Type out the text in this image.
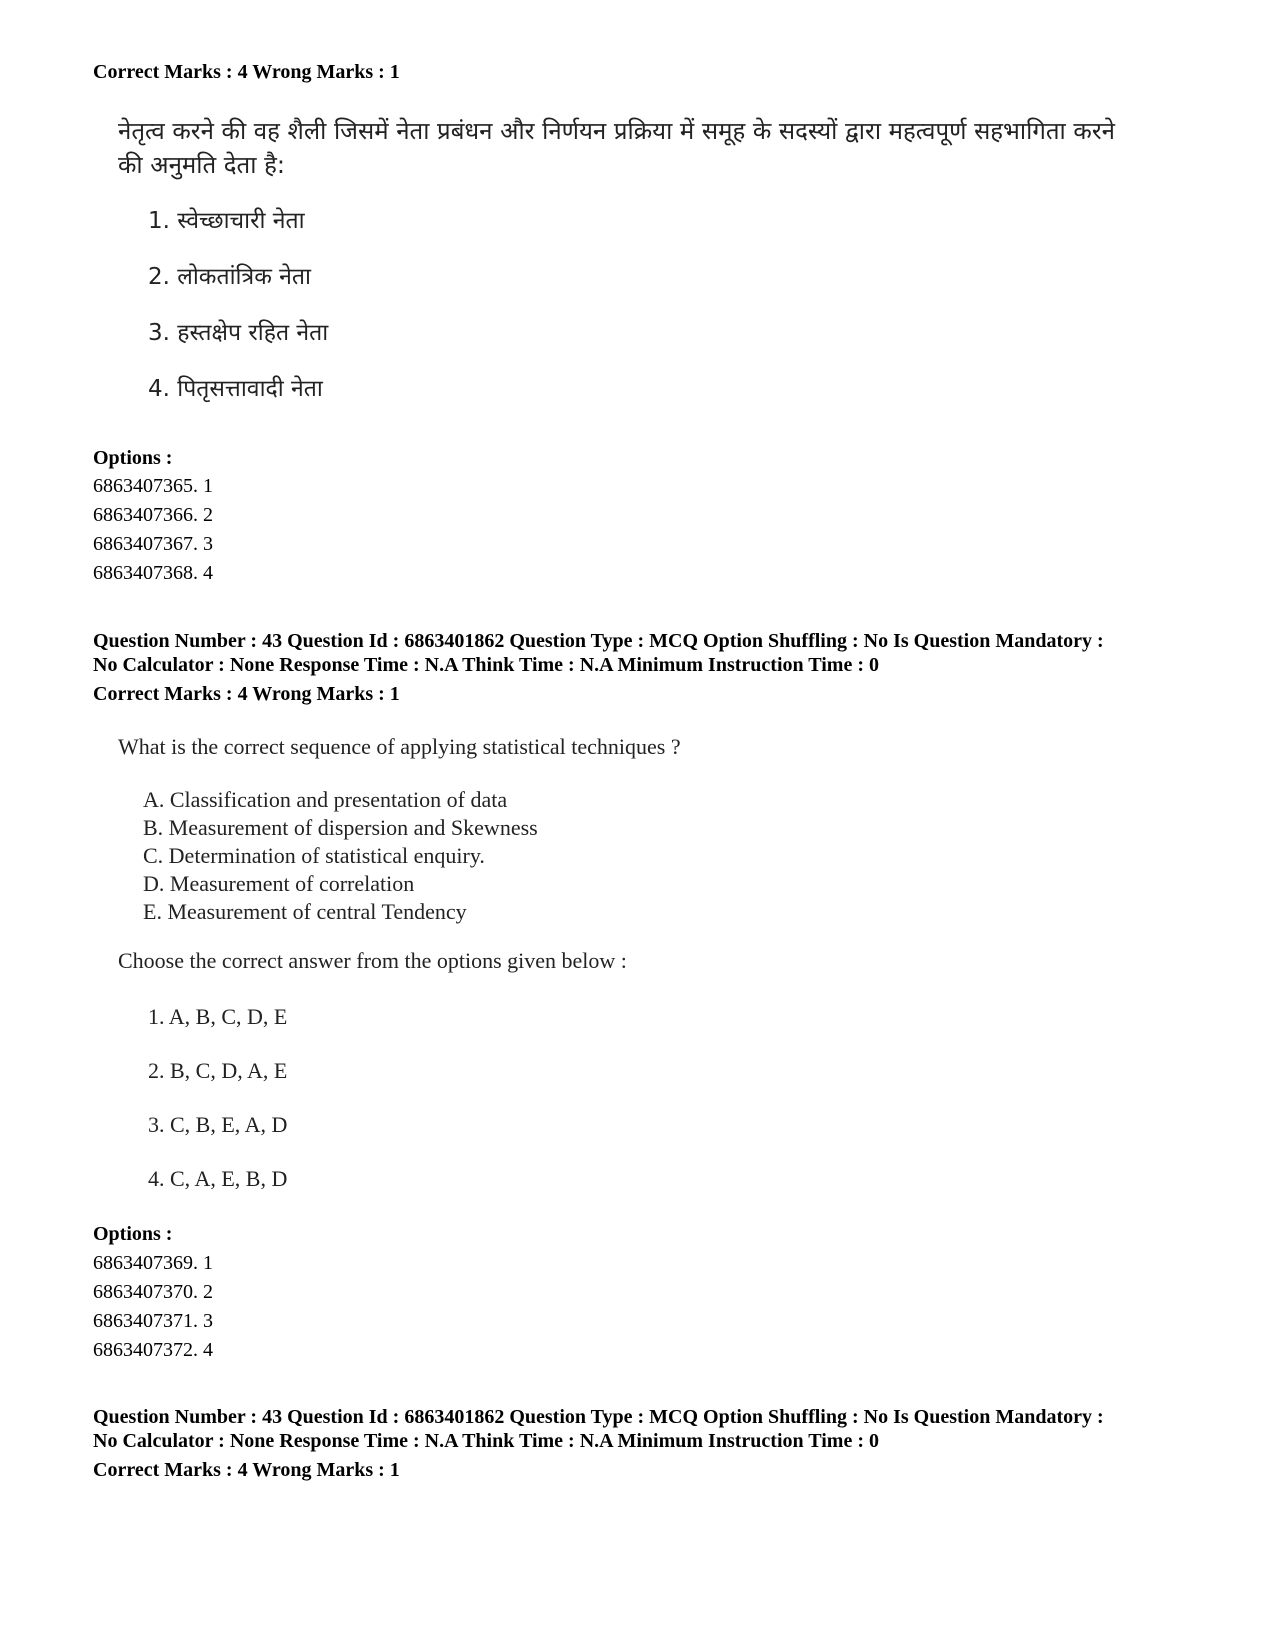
Correct Marks : 4 Wrong Marks : 1
नेतृत्व करने की वह शैली जिसमें नेता प्रबंधन और निर्णयन प्रक्रिया में समूह के सदस्यों द्वारा महत्वपूर्ण सहभागिता करने
की अनुमति देता है:
1. स्वेच्छाचारी नेता
2. लोकतांत्रिक नेता
3. हस्तक्षेप रहित नेता
4. पितृसत्तावादी नेता
Options :
6863407365. 1
6863407366. 2
6863407367. 3
6863407368. 4
Question Number : 43 Question Id : 6863401862 Question Type : MCQ Option Shuffling : No Is Question Mandatory :
No Calculator : None Response Time : N.A Think Time : N.A Minimum Instruction Time : 0
Correct Marks : 4 Wrong Marks : 1
What is the correct sequence of applying statistical techniques ?
A. Classification and presentation of data
B. Measurement of dispersion and Skewness
C. Determination of statistical enquiry.
D. Measurement of correlation
E. Measurement of central Tendency
Choose the correct answer from the options given below :
1. A, B, C, D, E
2. B, C, D, A, E
3. C, B, E, A, D
4. C, A, E, B, D
Options :
6863407369. 1
6863407370. 2
6863407371. 3
6863407372. 4
Question Number : 43 Question Id : 6863401862 Question Type : MCQ Option Shuffling : No Is Question Mandatory :
No Calculator : None Response Time : N.A Think Time : N.A Minimum Instruction Time : 0
Correct Marks : 4 Wrong Marks : 1
